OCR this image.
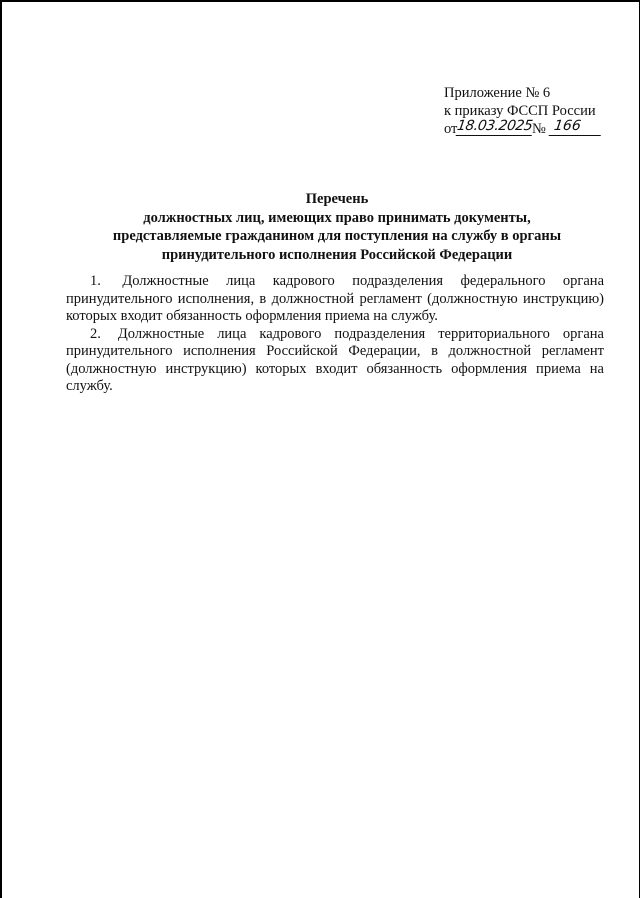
Приложение № 6
к приказу ФССП России
от
18.03.2025
№ 166
Перечень
должностных лиц, имеющих право принимать документы,
представляемые гражданином для поступления на службу в органы
принудительного исполнения Российской Федерации

1. Должностные лица кадрового подразделения федерального органа принудительного исполнения, в должностной регламент (должностную инструкцию) которых входит обязанность оформления приема на службу.

2. Должностные лица кадрового подразделения территориального органа принудительного исполнения Российской Федерации, в должностной регламент (должностную инструкцию) которых входит обязанность оформления приема на службу.
